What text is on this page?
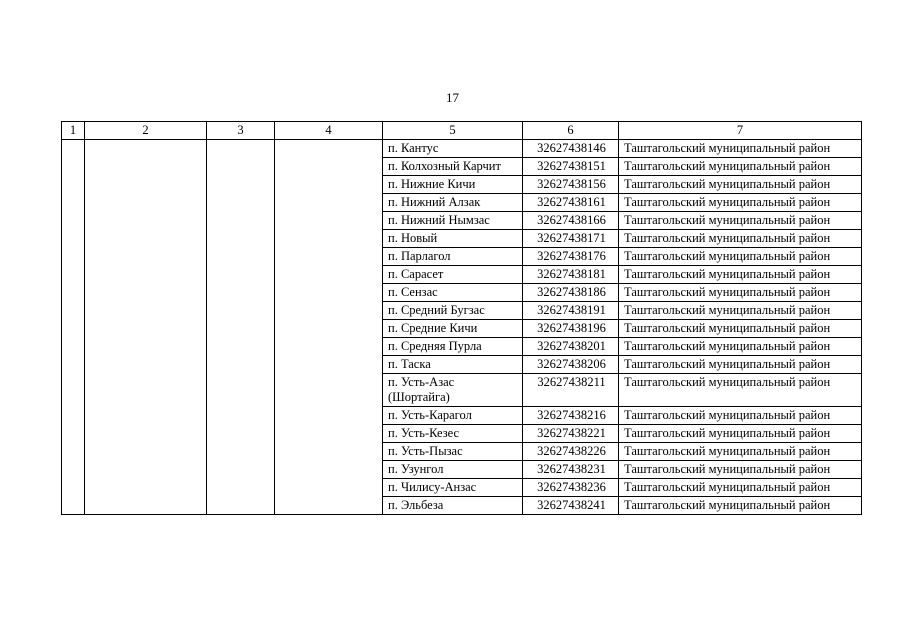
17
1	2	3	4	5	6	7
				п. Кантус	32627438146	Таштагольский муниципальный район
				п. Колхозный Карчит	32627438151	Таштагольский муниципальный район
				п. Нижние Кичи	32627438156	Таштагольский муниципальный район
				п. Нижний Алзак	32627438161	Таштагольский муниципальный район
				п. Нижний Нымзас	32627438166	Таштагольский муниципальный район
				п. Новый	32627438171	Таштагольский муниципальный район
				п. Парлагол	32627438176	Таштагольский муниципальный район
				п. Сарасет	32627438181	Таштагольский муниципальный район
				п. Сензас	32627438186	Таштагольский муниципальный район
				п. Средний Бугзас	32627438191	Таштагольский муниципальный район
				п. Средние Кичи	32627438196	Таштагольский муниципальный район
				п. Средняя Пурла	32627438201	Таштагольский муниципальный район
				п. Таска	32627438206	Таштагольский муниципальный район
				п. Усть-Азас (Шортайга)	32627438211	Таштагольский муниципальный район
				п. Усть-Карагол	32627438216	Таштагольский муниципальный район
				п. Усть-Кезес	32627438221	Таштагольский муниципальный район
				п. Усть-Пызас	32627438226	Таштагольский муниципальный район
				п. Узунгол	32627438231	Таштагольский муниципальный район
				п. Чилису-Анзас	32627438236	Таштагольский муниципальный район
				п. Эльбеза	32627438241	Таштагольский муниципальный район
